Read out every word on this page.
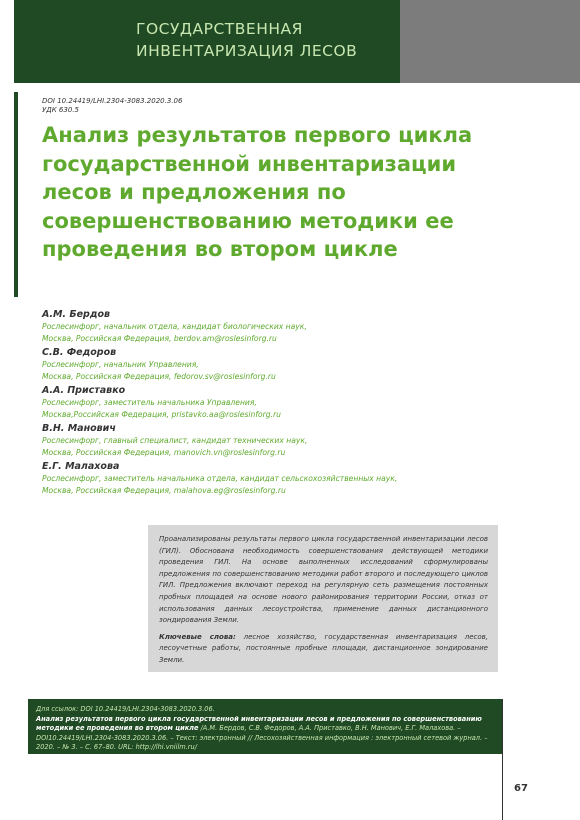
ГОСУДАРСТВЕННАЯ
ИНВЕНТАРИЗАЦИЯ ЛЕСОВ
DOI 10.24419/LHI.2304-3083.2020.3.06
УДК 630.5
Анализ результатов первого цикла государственной инвентаризации лесов и предложения по совершенствованию методики ее проведения во втором цикле
А.М. Бердов
Рослесинфорг, начальник отдела, кандидат биологических наук,
Москва, Российская Федерация, berdov.am@roslesinforg.ru
С.В. Федоров
Рослесинфорг, начальник Управления,
Москва, Российская Федерация, fedorov.sv@roslesinforg.ru
А.А. Приставко
Рослесинфорг, заместитель начальника Управления,
Москва,Российская Федерация, pristavko.aa@roslesinforg.ru
В.Н. Манович
Рослесинфорг, главный специалист, кандидат технических наук,
Москва, Российская Федерация, manovich.vn@roslesinforg.ru
Е.Г. Малахова
Рослесинфорг, заместитель начальника отдела, кандидат сельскохозяйственных наук,
Москва, Российская Федерация, malahova.eg@roslesinforg.ru

Проанализированы результаты первого цикла государственной инвентаризации лесов (ГИЛ). Обоснована необходимость совершенствования действующей методики проведения ГИЛ. На основе выполненных исследований сформулированы предложения по совершенствованию методики работ второго и последующего циклов ГИЛ. Предложения включают переход на регулярную сеть размещения постоянных пробных площадей на основе нового районирования территории России, отказ от использования данных лесоустройства, применение данных дистанционного зондирования Земли.

Ключевые слова: лесное хозяйство, государственная инвентаризация лесов, лесоучетные работы, постоянные пробные площади, дистанционное зондирование Земли.

Для ссылок: DOI 10.24419/LHI.2304-3083.2020.3.06.
Анализ результатов первого цикла государственной инвентаризации лесов и предложения по совершенствованию методики ее проведения во втором цикле /А.М. Бердов, С.В. Федоров, А.А. Приставко, В.Н. Манович, Е.Г. Малахова. – DOI10.24419/LHI.2304-3083.2020.3.06. – Текст: электронный // Лесохозяйственная информация : электронный сетевой журнал. – 2020. – № 3. – С. 67–80. URL: http://lhi.vniilm.ru/
67
